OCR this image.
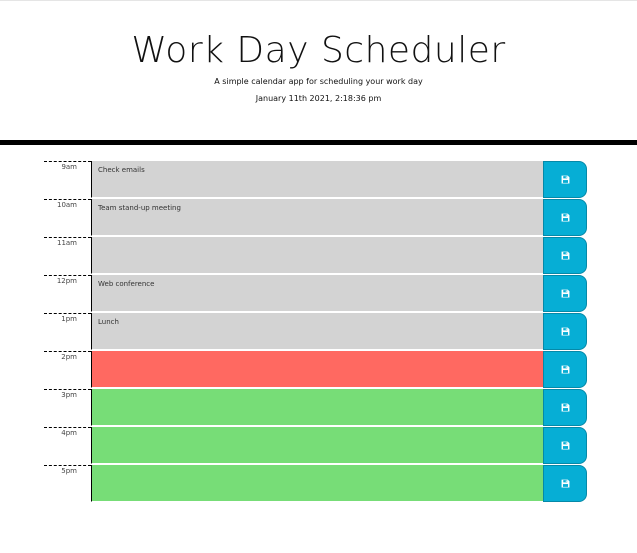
Work Day Scheduler
A simple calendar app for scheduling your work day
January 11th 2021, 2:18:36 pm
9am
Check emails
10am
Team stand-up meeting
11am
12pm
Web conference
1pm
Lunch
2pm
3pm
4pm
5pm
